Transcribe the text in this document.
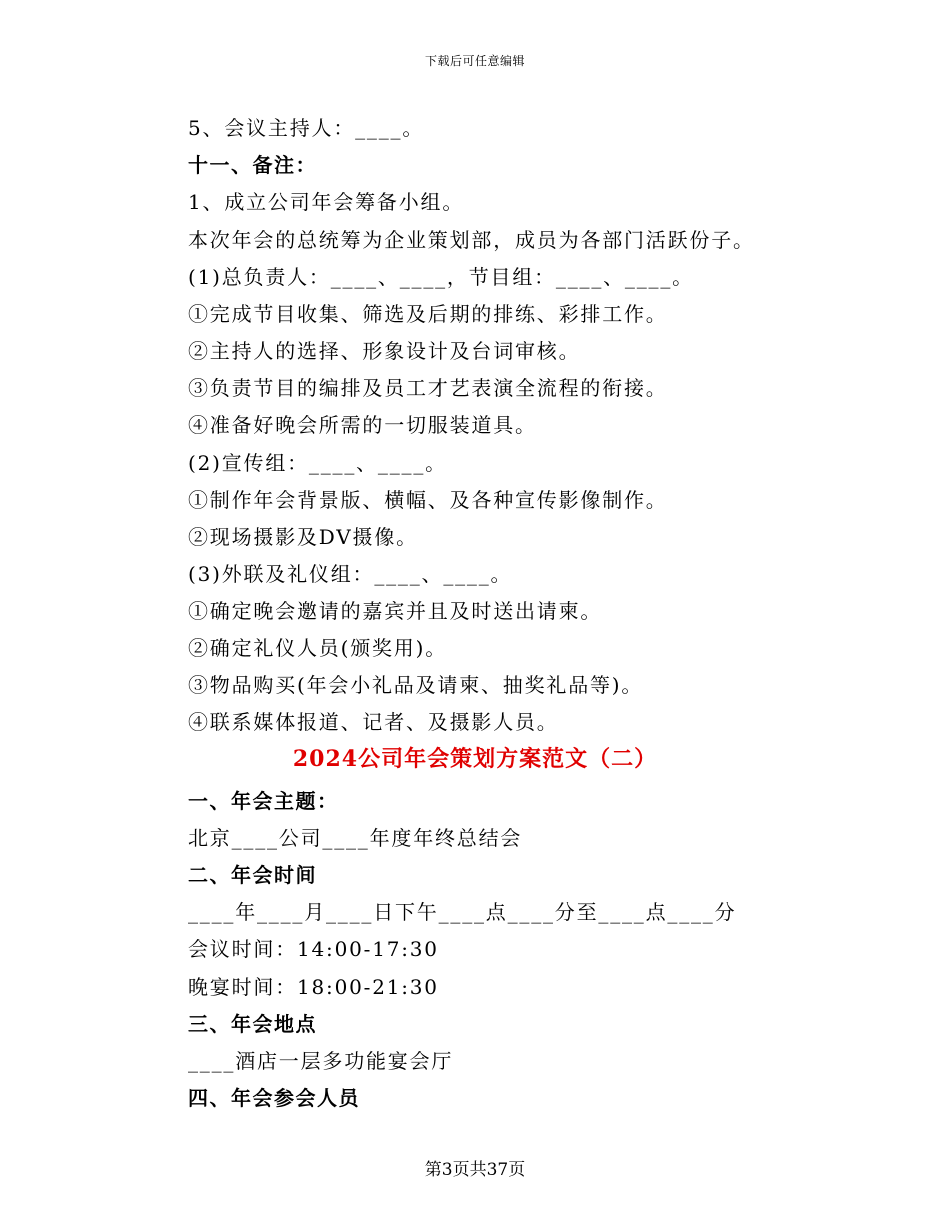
下载后可任意编辑
5、会议主持人：____。
十一、备注：
1、成立公司年会筹备小组。
本次年会的总统筹为企业策划部，成员为各部门活跃份子。
(1)总负责人：____、____，节目组：____、____。
①完成节目收集、筛选及后期的排练、彩排工作。
②主持人的选择、形象设计及台词审核。
③负责节目的编排及员工才艺表演全流程的衔接。
④准备好晚会所需的一切服装道具。
(2)宣传组：____、____。
①制作年会背景版、横幅、及各种宣传影像制作。
②现场摄影及DV摄像。
(3)外联及礼仪组：____、____。
①确定晚会邀请的嘉宾并且及时送出请柬。
②确定礼仪人员(颁奖用)。
③物品购买(年会小礼品及请柬、抽奖礼品等)。
④联系媒体报道、记者、及摄影人员。
2024公司年会策划方案范文（二）
一、年会主题：
北京____公司____年度年终总结会
二、年会时间
____年____月____日下午____点____分至____点____分
会议时间：14:00-17:30
晚宴时间：18:00-21:30
三、年会地点
____酒店一层多功能宴会厅
四、年会参会人员
第3页共37页
